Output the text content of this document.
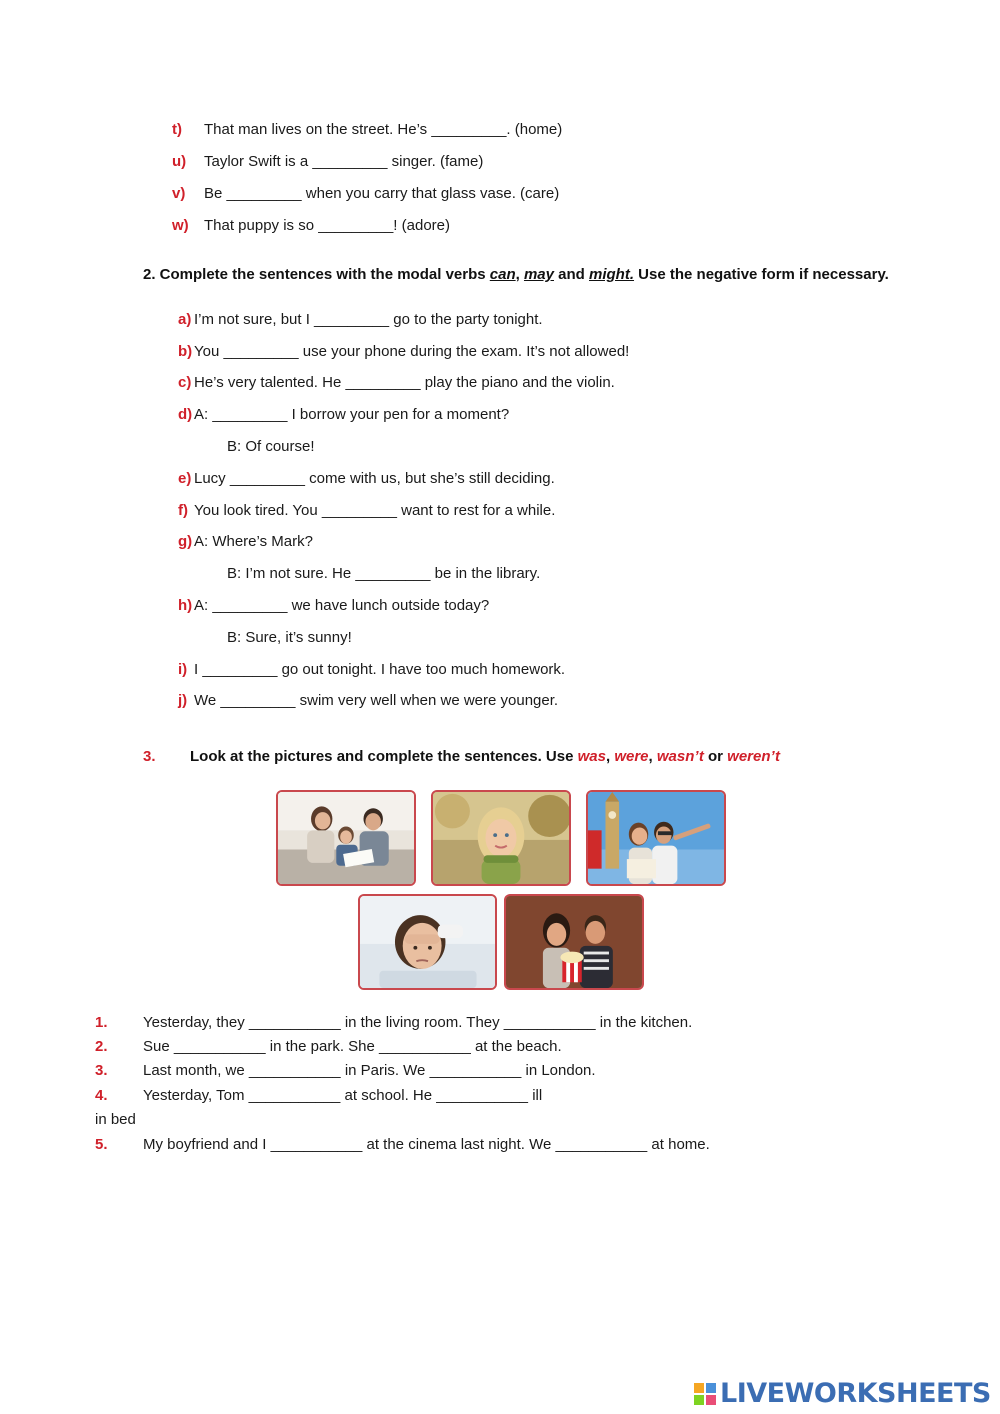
t)	That man lives on the street. He’s _________. (home)
u)	Taylor Swift is a _________ singer. (fame)
v)	Be _________ when you carry that glass vase. (care)
w)	That puppy is so _________! (adore)
2. Complete the sentences with the modal verbs can, may and might. Use the negative form if necessary.
a) I’m not sure, but I _________ go to the party tonight.
b) You _________ use your phone during the exam. It’s not allowed!
c) He’s very talented. He _________ play the piano and the violin.
d) A: _________ I borrow your pen for a moment?
B: Of course!
e) Lucy _________ come with us, but she’s still deciding.
f) You look tired. You _________ want to rest for a while.
g) A: Where’s Mark?
B: I’m not sure. He _________ be in the library.
h) A: _________ we have lunch outside today?
B: Sure, it’s sunny!
i) I _________ go out tonight. I have too much homework.
j) We _________ swim very well when we were younger.
3. Look at the pictures and complete the sentences. Use was, were, wasn’t or weren’t
1.	Yesterday, they ___________ in the living room. They ___________ in the kitchen.
2.	Sue ___________ in the park. She ___________ at the beach.
3.	Last month, we ___________ in Paris. We ___________ in London.
4.	Yesterday, Tom ___________ at school. He ___________ ill
in bed
5.	My boyfriend and I ___________ at the cinema last night. We ___________ at home.
LIVEWORKSHEETS
